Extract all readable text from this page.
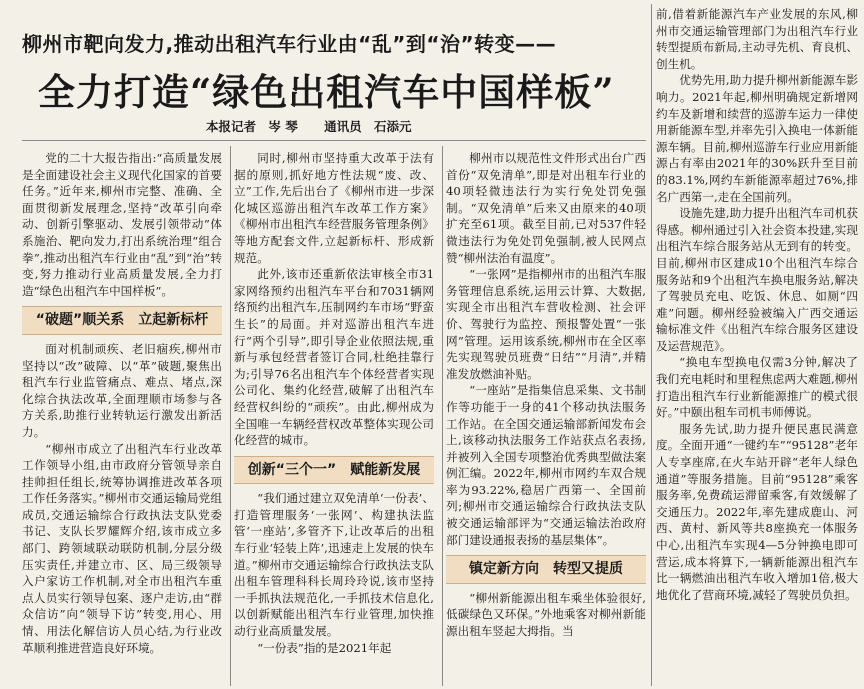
柳州市靶向发力,推动出租汽车行业由“乱”到“治”转变——
全力打造“绿色出租汽车中国样板”
本报记者 岑 琴 通讯员 石添元

党的二十大报告指出:“高质量发展是全面建设社会主义现代化国家的首要任务。”近年来,柳州市完整、准确、全面贯彻新发展理念,坚持“改革引向牵动、创新引擎驱动、发展引领带动”体系施治、靶向发力,打出系统治理“组合拳”,推动出租汽车行业由“乱”到“治”转变,努力推动行业高质量发展,全力打造“绿色出租汽车中国样板”。

“破题”顺关系　立起新标杆

面对机制顽疾、老旧痼疾,柳州市坚持以“改”破障、以“革”破题,聚焦出租汽车行业监管痛点、难点、堵点,深化综合执法改革,全面理顺市场参与各方关系,助推行业转轨运行激发出新活力。

“柳州市成立了出租汽车行业改革工作领导小组,由市政府分管领导亲自挂帅担任组长,统筹协调推进改革各项工作任务落实。”柳州市交通运输局党组成员,交通运输综合行政执法支队党委书记、支队长罗耀辉介绍,该市成立多部门、跨领域联动联防机制,分层分级压实责任,并建立市、区、局三级领导入户家访工作机制,对全市出租汽车重点人员实行领导包案、逐户走访,由“群众信访”向“领导下访”转变,用心、用情、用法化解信访人员心结,为行业改革顺利推进营造良好环境。

同时,柳州市坚持重大改革于法有据的原则,抓好地方性法规“废、改、立”工作,先后出台了《柳州市进一步深化城区巡游出租汽车改革工作方案》《柳州市出租汽车经营服务管理条例》等地方配套文件,立起新标杆、形成新规范。

此外,该市还重新依法审核全市31家网络预约出租汽车平台和7031辆网络预约出租汽车,压制网约车市场“野蛮生长”的局面。并对巡游出租汽车进行“两个引导”,即引导企业依照法规,重新与承包经营者签订合同,杜绝挂靠行为;引导76名出租汽车个体经营者实现公司化、集约化经营,破解了出租汽车经营权纠纷的“顽疾”。由此,柳州成为全国唯一车辆经营权改革整体实现公司化经营的城市。

创新“三个一”　赋能新发展

“我们通过建立双免清单‘一份表’、打造管理服务‘一张网’、构建执法监管‘一座站’,多管齐下,让改革后的出租车行业‘轻装上阵’,迅速走上发展的快车道。”柳州市交通运输综合行政执法支队出租车管理科科长周玲玲说,该市坚持一手抓执法规范化,一手抓技术信息化,以创新赋能出租汽车行业管理,加快推动行业高质量发展。

“一份表”指的是2021年起

柳州市以规范性文件形式出台广西首份“双免清单”,即是对出租车行业的40项轻微违法行为实行免处罚免强制。“双免清单”后来又由原来的40项扩充至61项。截至目前,已对537件轻微违法行为免处罚免强制,被人民网点赞“柳州法治有温度”。

“一张网”是指柳州市的出租汽车服务管理信息系统,运用云计算、大数据,实现全市出租汽车营收检测、社会评价、驾驶行为监控、预报警处置“一张网”管理。运用该系统,柳州市在全区率先实现驾驶员班费“日结”“月清”,并精准发放燃油补贴。

“一座站”是指集信息采集、文书制作等功能于一身的41个移动执法服务工作站。在全国交通运输部新闻发布会上,该移动执法服务工作站获点名表扬,并被列入全国专项整治优秀典型做法案例汇编。2022年,柳州市网约车双合规率为93.22%,稳居广西第一、全国前列;柳州市交通运输综合行政执法支队被交通运输部评为“交通运输法治政府部门建设通报表扬的基层集体”。

镇定新方向　转型又提质

“柳州新能源出租车乘坐体验很好,低碳绿色又环保。”外地乘客对柳州新能源出租车竖起大拇指。当

前,借着新能源汽车产业发展的东风,柳州市交通运输管理部门为出租汽车行业转型提质布新局,主动寻先机、育良机、创生机。

优势先用,助力提升柳州新能源车影响力。2021年起,柳州明确规定新增网约车及新增和续营的巡游车运力一律使用新能源车型,并率先引入换电一体新能源车辆。目前,柳州巡游车行业应用新能源占有率由2021年的30%跃升至目前的83.1%,网约车新能源率超过76%,排名广西第一,走在全国前列。

设施先建,助力提升出租汽车司机获得感。柳州通过引入社会资本投建,实现出租汽车综合服务站从无到有的转变。目前,柳州市区建成10个出租汽车综合服务站和9个出租汽车换电服务站,解决了驾驶员充电、吃饭、休息、如厕“四难”问题。柳州经验被编入广西交通运输标准文件《出租汽车综合服务区建设及运营规范》。

“换电车型换电仅需3分钟,解决了我们充电耗时和里程焦虑两大难题,柳州打造出租汽车行业新能源推广的模式很好。”中颐出租车司机韦师傅说。

服务先试,助力提升便民惠民满意度。全面开通“一键约车”“95128”老年人专享座席,在火车站开辟“老年人绿色通道”等服务措施。目前“95128”乘客服务率,免费疏运滞留乘客,有效缓解了交通压力。2022年,率先建成鹿山、河西、黄村、新风等共8座换充一体服务中心,出租汽车实现4—5分钟换电即可营运,成本将算下,一辆新能源出租汽车比一辆燃油出租汽车收入增加1倍,极大地优化了营商环境,减轻了驾驶员负担。
